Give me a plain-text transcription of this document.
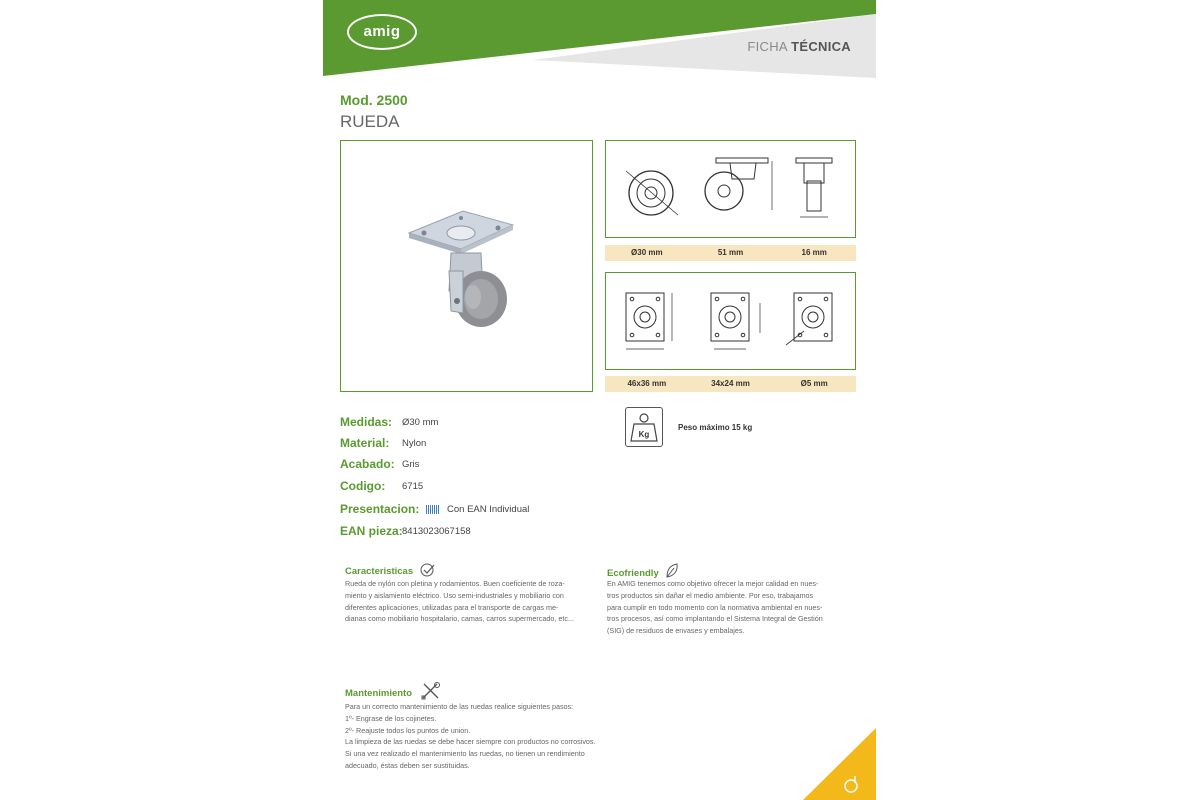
amig
FICHA TÉCNICA
Mod. 2500
RUEDA
Ø30 mm	51 mm	16 mm
46x36 mm	34x24 mm	Ø5 mm
Medidas:	Ø30 mm
Material:	Nylon
Acabado: Gris
Codigo:	6715
Presentacion:	Con EAN Individual
EAN pieza: 8413023067158
Kg
Peso máximo 15 kg
Caracteristicas
Rueda de nylón con pletina y rodamientos. Buen coeficiente de roza-
miento y aislamiento eléctrico. Uso semi-industriales y mobiliario con
diferentes aplicaciones, utilizadas para el transporte de cargas me-
dianas como mobiliario hospitalario, camas, carros supermercado, etc...
Ecofriendly
En AMIG tenemos como objetivo ofrecer la mejor calidad en nues-
tros productos sin dañar el medio ambiente. Por eso, trabajamos
para cumplir en todo momento con la normativa ambiental en nues-
tros procesos, así como implantando el Sistema Integral de Gestión
(SIG) de residuos de envases y embalajes.
Mantenimiento
Para un correcto mantenimiento de las ruedas realice siguientes pasos:
1º- Engrase de los cojinetes.
2º- Reajuste todos los puntos de union.
La limpieza de las ruedas se debe hacer siempre con productos no corrosivos.
Si una vez realizado el mantenimiento las ruedas, no tienen un rendimiento
adecuado, éstas deben ser sustituidas.
